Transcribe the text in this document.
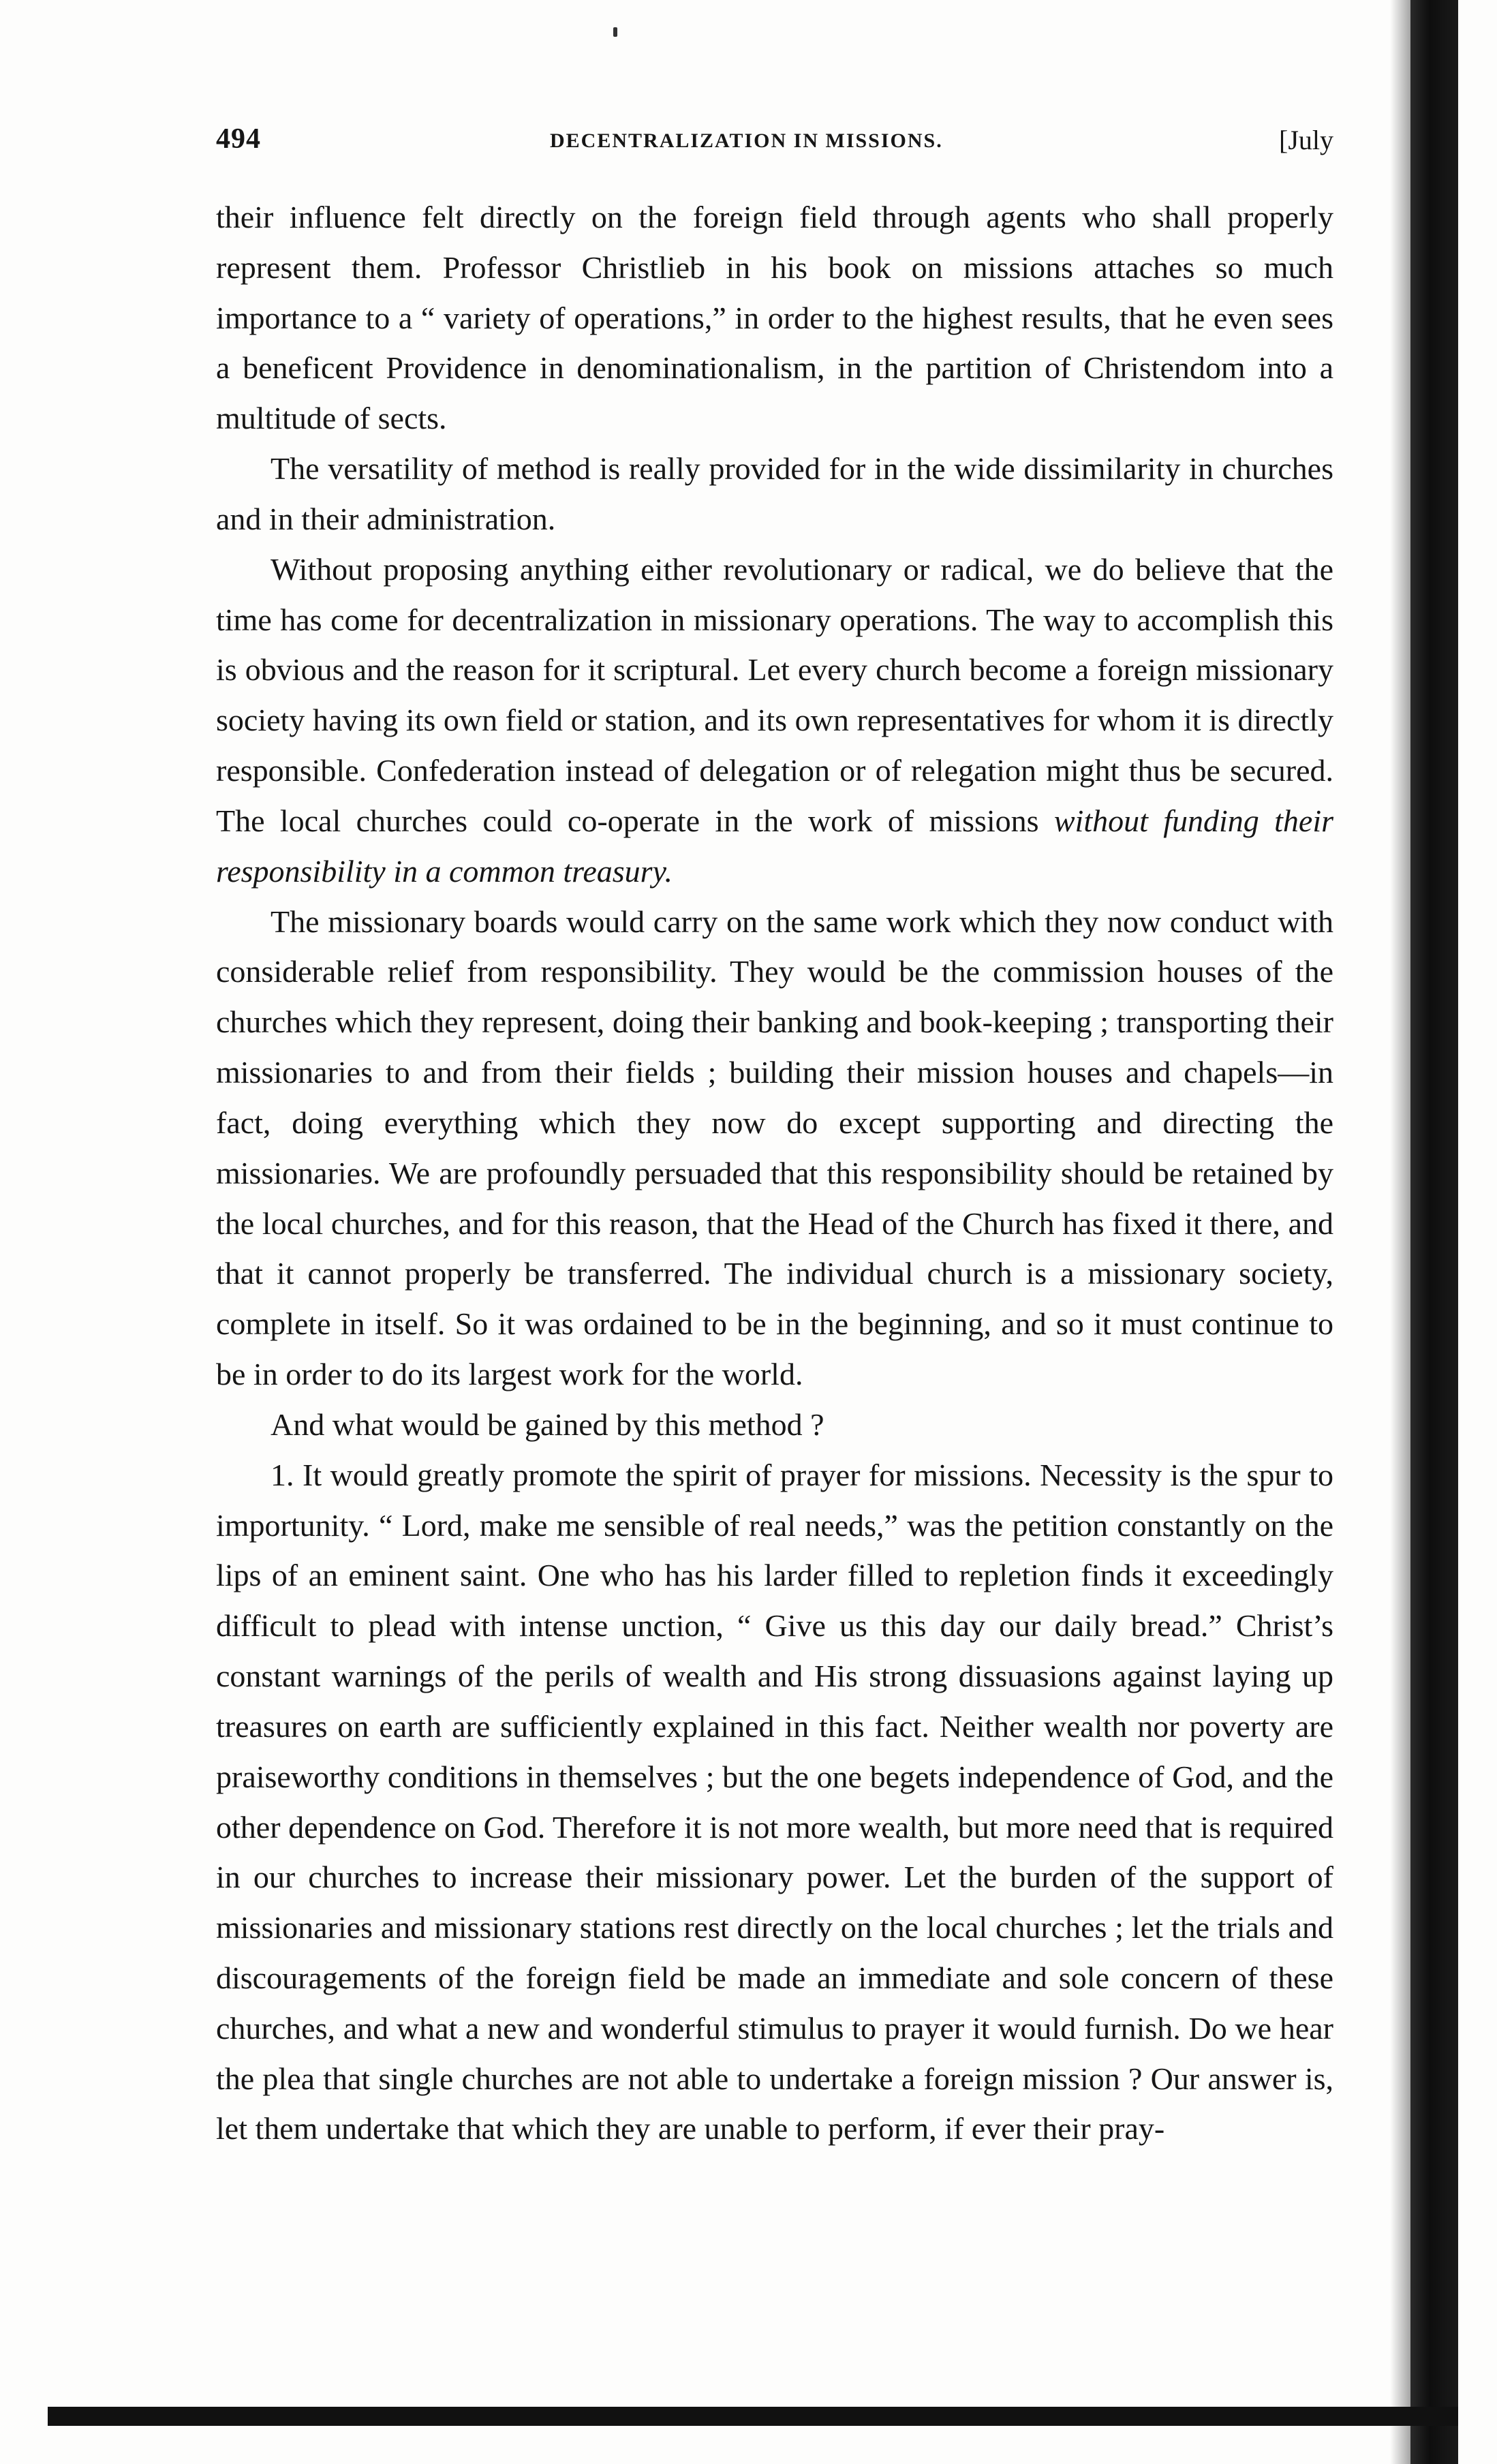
494	DECENTRALIZATION IN MISSIONS.	[July

their influence felt directly on the foreign field through agents who shall properly represent them. Professor Christlieb in his book on missions attaches so much importance to a “ variety of operations,” in order to the highest results, that he even sees a beneficent Providence in denominationalism, in the partition of Christendom into a multitude of sects.

The versatility of method is really provided for in the wide dissimilarity in churches and in their administration.

Without proposing anything either revolutionary or radical, we do believe that the time has come for decentralization in missionary operations. The way to accomplish this is obvious and the reason for it scriptural. Let every church become a foreign missionary society having its own field or station, and its own representatives for whom it is directly responsible. Confederation instead of delegation or of relegation might thus be secured. The local churches could co-operate in the work of missions without funding their responsibility in a common treasury.

The missionary boards would carry on the same work which they now conduct with considerable relief from responsibility. They would be the commission houses of the churches which they represent, doing their banking and book-keeping ; transporting their missionaries to and from their fields ; building their mission houses and chapels—in fact, doing everything which they now do except supporting and directing the missionaries. We are profoundly persuaded that this responsibility should be retained by the local churches, and for this reason, that the Head of the Church has fixed it there, and that it cannot properly be transferred. The individual church is a missionary society, complete in itself. So it was ordained to be in the beginning, and so it must continue to be in order to do its largest work for the world.

And what would be gained by this method ?

1. It would greatly promote the spirit of prayer for missions. Necessity is the spur to importunity. “ Lord, make me sensible of real needs,” was the petition constantly on the lips of an eminent saint. One who has his larder filled to repletion finds it exceedingly difficult to plead with intense unction, “ Give us this day our daily bread.” Christ’s constant warnings of the perils of wealth and His strong dissuasions against laying up treasures on earth are sufficiently explained in this fact. Neither wealth nor poverty are praiseworthy conditions in themselves ; but the one begets independence of God, and the other dependence on God. Therefore it is not more wealth, but more need that is required in our churches to increase their missionary power. Let the burden of the support of missionaries and missionary stations rest directly on the local churches ; let the trials and discouragements of the foreign field be made an immediate and sole concern of these churches, and what a new and wonderful stimulus to prayer it would furnish. Do we hear the plea that single churches are not able to undertake a foreign mission ? Our answer is, let them undertake that which they are unable to perform, if ever their pray-
